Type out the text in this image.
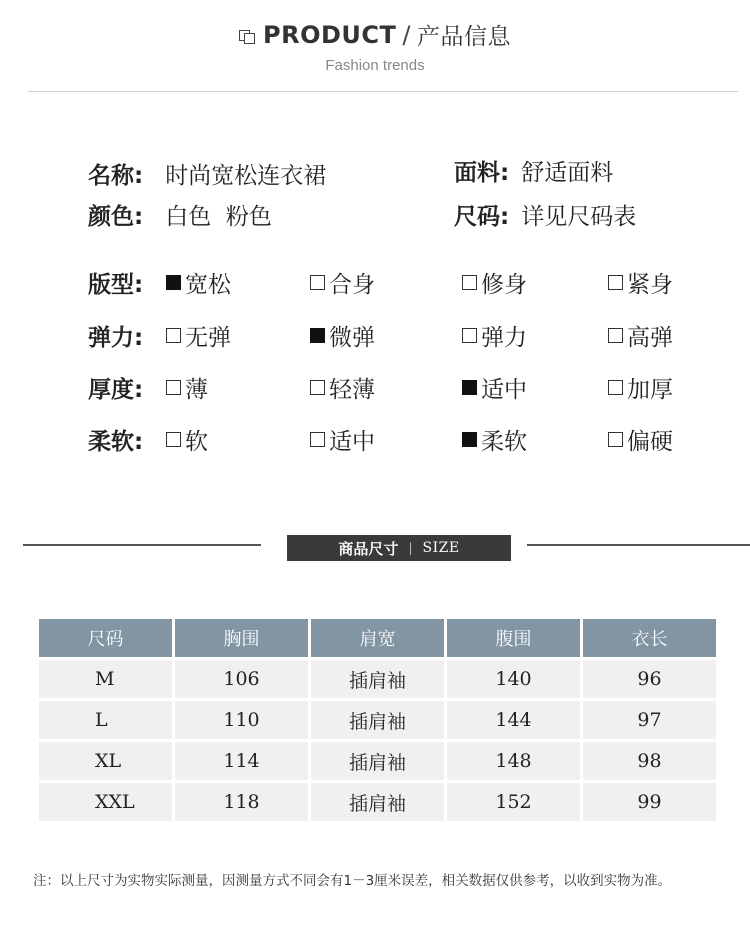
PRODUCT / 产品信息
Fashion trends
名称: 时尚宽松连衣裙	面料: 舒适面料
颜色: 白色  粉色	尺码: 详见尺码表
版型: 宽松	合身	修身	紧身
弹力: 无弹	微弹	弹力	高弹
厚度: 薄	轻薄	适中	加厚
柔软: 软	适中	柔软	偏硬
商品尺寸 | SIZE
尺码	胸围	肩宽	腹围	衣长
M	106	插肩袖	140	96
L	110	插肩袖	144	97
XL	114	插肩袖	148	98
XXL	118	插肩袖	152	99
注：以上尺寸为实物实际测量，因测量方式不同会有1－3厘米误差，相关数据仅供参考，以收到实物为准。
